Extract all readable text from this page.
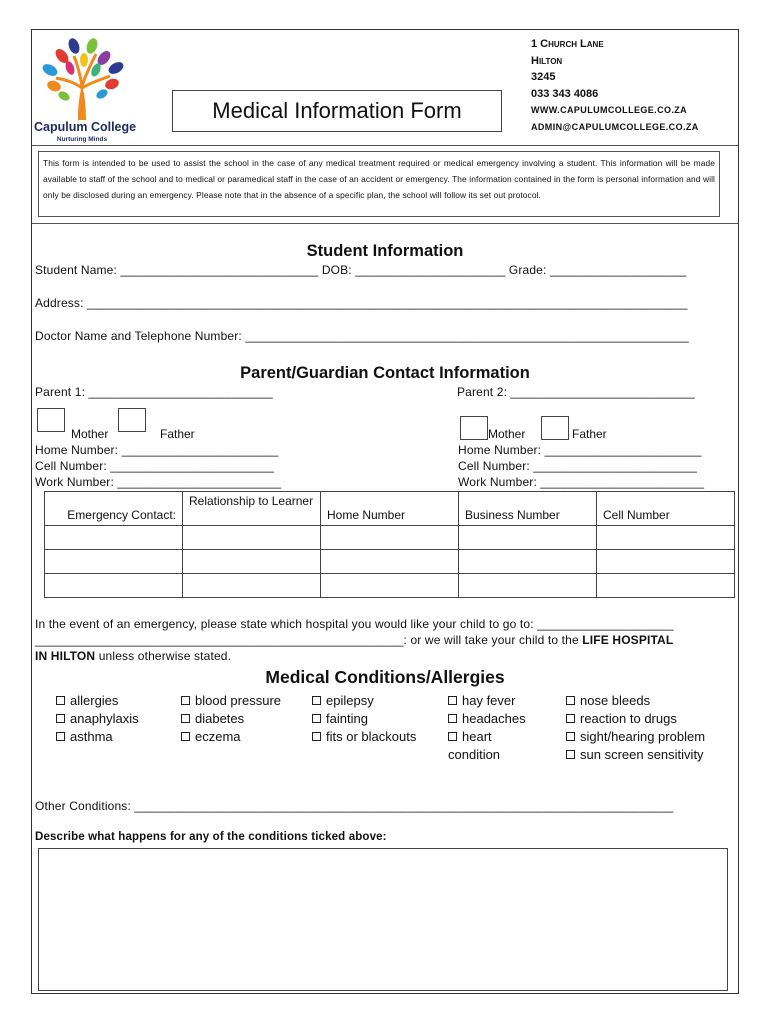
Capulum College
Nurturing Minds
Medical Information Form
1 Church Lane
Hilton
3245
033 343 4086
WWW.CAPULUMCOLLEGE.CO.ZA
ADMIN@CAPULUMCOLLEGE.CO.ZA
This form is intended to be used to assist the school in the case of any medical treatment required or medical emergency involving a student. This information will be made available to staff of the school and to medical or paramedical staff in the case of an accident or emergency. The information contained in the form is personal information and will only be disclosed during an emergency. Please note that in the absence of a specific plan, the school will follow its set out protocol.
Student Information
Student Name: _____________________________ DOB: ______________________ Grade: ____________________
Address: ________________________________________________________________________________________
Doctor Name and Telephone Number: _________________________________________________________________
Parent/Guardian Contact Information
Parent 1: ___________________________	Parent 2: ___________________________
Mother	Father	Mother	Father
Home Number: _______________________
Cell Number: ________________________
Work Number: ________________________
Home Number: _______________________
Cell Number: ________________________
Work Number: ________________________
Emergency Contact:	Relationship to Learner	Home Number	Business Number	Cell Number

In the event of an emergency, please state which hospital you would like your child to go to: ____________________
______________________________________________________: or we will take your child to the LIFE HOSPITAL
IN HILTON unless otherwise stated.
Medical Conditions/Allergies
allergies
anaphylaxis
asthma
blood pressure
diabetes
eczema
epilepsy
fainting
fits or blackouts
hay fever
headaches
heart
condition
nose bleeds
reaction to drugs
sight/hearing problem
sun screen sensitivity
Other Conditions: _______________________________________________________________________________
Describe what happens for any of the conditions ticked above:
